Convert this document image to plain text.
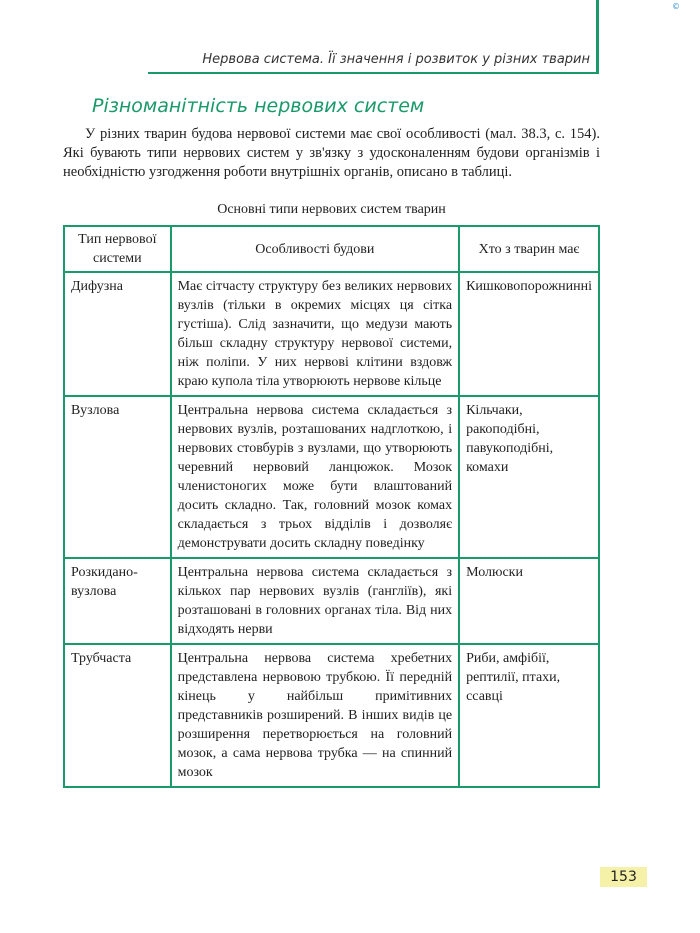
©
Нервова система. Її значення і розвиток у різних тварин
Різноманітність нервових систем

У різних тварин будова нервової системи має свої особливості (мал. 38.3, с. 154). Які бувають типи нервових систем у зв'язку з удосконаленням будови організмів і необхідністю узгодження роботи внутрішніх органів, описано в таблиці.

Основні типи нервових систем тварин
Тип нервової системи	Особливості будови	Хто з тварин має
Дифузна	Має сітчасту структуру без великих нервових вузлів (тільки в окремих місцях ця сітка густіша). Слід зазначити, що медузи мають більш складну структуру нервової системи, ніж поліпи. У них нервові клітини вздовж краю купола тіла утворюють нервове кільце	Кишковопорожнинні
Вузлова	Центральна нервова система складається з нервових вузлів, розташованих надглоткою, і нервових стовбурів з вузлами, що утворюють черевний нервовий ланцюжок. Мозок членистоногих може бути влаштований досить складно. Так, головний мозок комах складається з трьох відділів і дозволяє демонструвати досить складну поведінку	Кільчаки, ракоподібні, павукоподібні, комахи
Розкидано-вузлова	Центральна нервова система складається з кількох пар нервових вузлів (гангліїв), які розташовані в головних органах тіла. Від них відходять нерви	Молюски
Трубчаста	Центральна нервова система хребетних представлена нервовою трубкою. Її передній кінець у найбільш примітивних представників розширений. В інших видів це розширення перетворюється на головний мозок, а сама нервова трубка — на спинний мозок	Риби, амфібії, рептилії, птахи, ссавці
153
